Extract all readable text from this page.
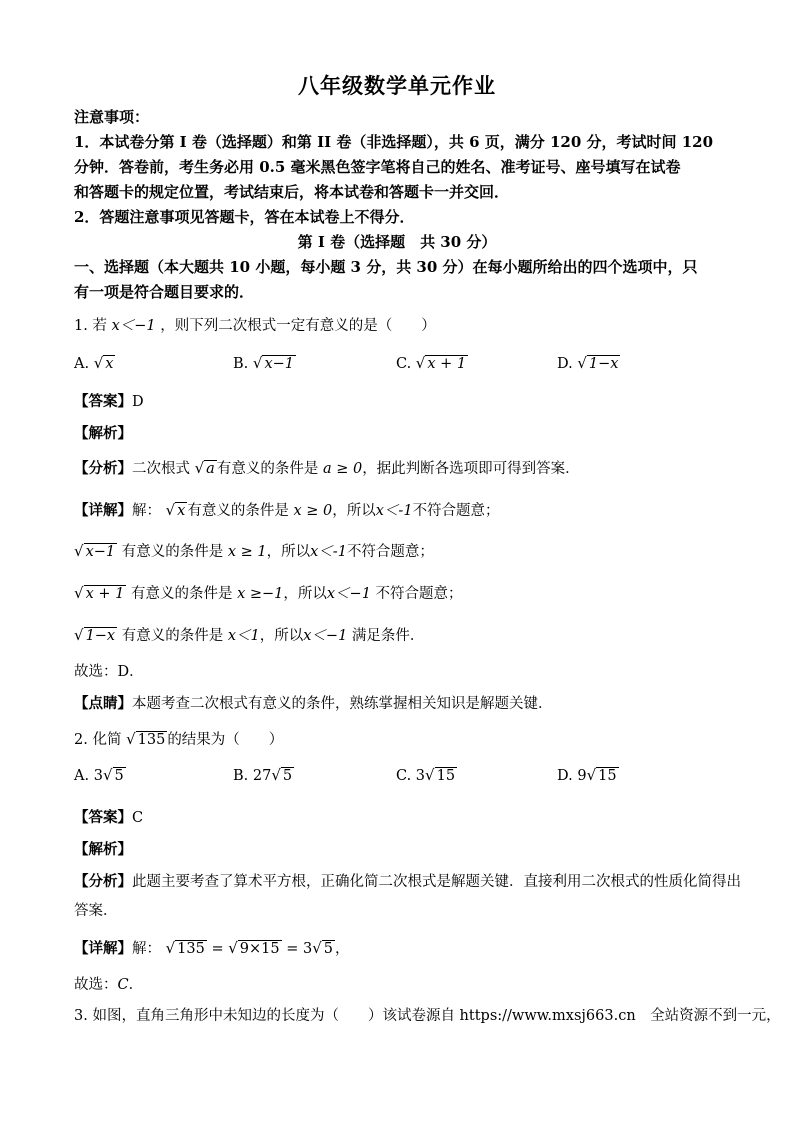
八年级数学单元作业
注意事项：
1．本试卷分第 I 卷（选择题）和第 II 卷（非选择题），共 6 页，满分 120 分，考试时间 120
分钟．答卷前，考生务必用 0.5 毫米黑色签字笔将自己的姓名、准考证号、座号填写在试卷
和答题卡的规定位置，考试结束后，将本试卷和答题卡一并交回．
2．答题注意事项见答题卡，答在本试卷上不得分．
第 I 卷（选择题　共 30 分）
一、选择题（本大题共 10 小题，每小题 3 分，共 30 分）在每小题所给出的四个选项中，只
有一项是符合题目要求的．
1. 若 x＜−1 ，则下列二次根式一定有意义的是（　　）
A. √ x	B. √ x−1	C. √ x + 1	D. √ 1−x
【答案】D
【解析】
【分析】二次根式 √ a 有意义的条件是 a ≥ 0，据此判断各选项即可得到答案．
【详解】解： √ x 有意义的条件是 x ≥ 0，所以x＜-1不符合题意；
√ x−1 有意义的条件是 x ≥ 1，所以x＜-1不符合题意；
√ x + 1 有意义的条件是 x ≥−1，所以x＜−1 不符合题意；
√ 1−x 有意义的条件是 x＜1，所以x＜−1 满足条件．
故选：D．
【点睛】本题考查二次根式有意义的条件，熟练掌握相关知识是解题关键．
2. 化简 √ 135 的结果为（　　）
A. 3√ 5	B. 27√ 5	C. 3√ 15	D. 9√ 15
【答案】C
【解析】
【分析】此题主要考查了算术平方根，正确化简二次根式是解题关键．直接利用二次根式的性质化简得出
答案．
【详解】解： √ 135 = √ 9×15 = 3√ 5 ，
故选：C．
3. 如图，直角三角形中未知边的长度为（　　）该试卷源自 https://www.mxsj663.cn　全站资源不到一元，
